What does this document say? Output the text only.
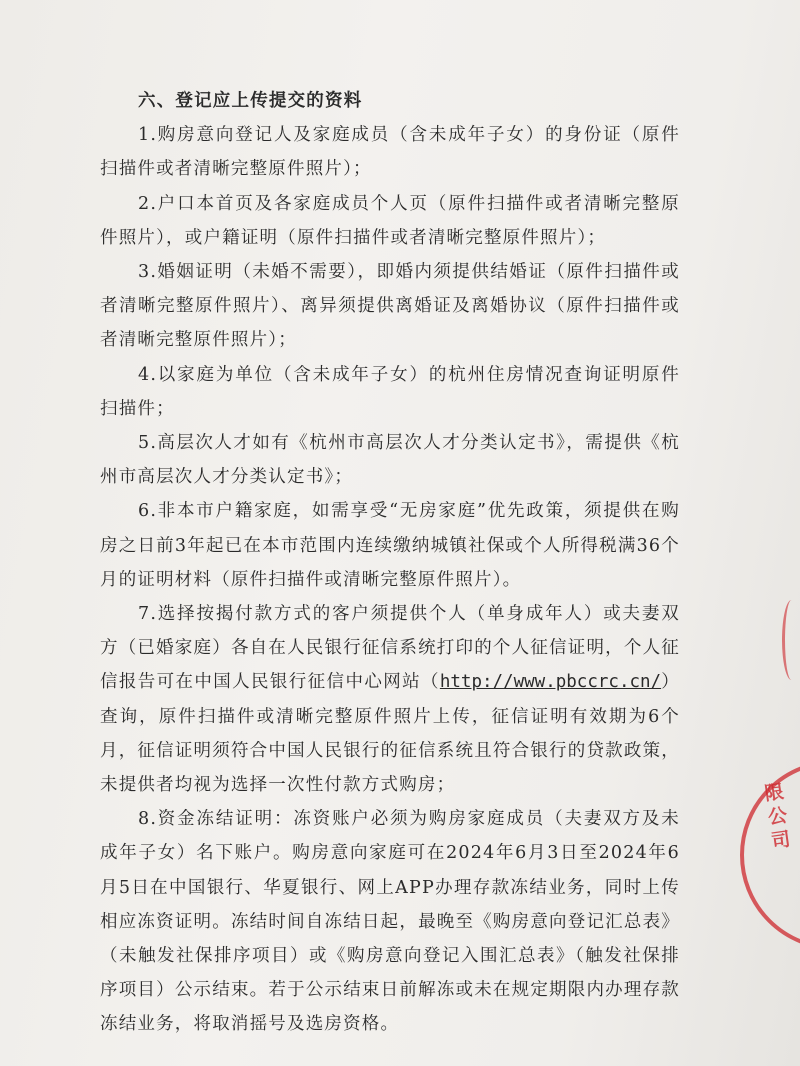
六、登记应上传提交的资料

1.购房意向登记人及家庭成员（含未成年子女）的身份证（原件扫描件或者清晰完整原件照片）；

2.户口本首页及各家庭成员个人页（原件扫描件或者清晰完整原件照片），或户籍证明（原件扫描件或者清晰完整原件照片）；

3.婚姻证明（未婚不需要），即婚内须提供结婚证（原件扫描件或者清晰完整原件照片）、离异须提供离婚证及离婚协议（原件扫描件或者清晰完整原件照片）；

4.以家庭为单位（含未成年子女）的杭州住房情况查询证明原件扫描件；

5.高层次人才如有《杭州市高层次人才分类认定书》，需提供《杭州市高层次人才分类认定书》；

6.非本市户籍家庭，如需享受“无房家庭”优先政策，须提供在购房之日前3年起已在本市范围内连续缴纳城镇社保或个人所得税满36个月的证明材料（原件扫描件或清晰完整原件照片）。

7.选择按揭付款方式的客户须提供个人（单身成年人）或夫妻双方（已婚家庭）各自在人民银行征信系统打印的个人征信证明，个人征信报告可在中国人民银行征信中心网站（http://www.pbccrc.cn/）查询，原件扫描件或清晰完整原件照片上传，征信证明有效期为6个月，征信证明须符合中国人民银行的征信系统且符合银行的贷款政策，未提供者均视为选择一次性付款方式购房；

8.资金冻结证明：冻资账户必须为购房家庭成员（夫妻双方及未成年子女）名下账户。购房意向家庭可在2024年6月3日至2024年6月5日在中国银行、华夏银行、网上APP办理存款冻结业务，同时上传相应冻资证明。冻结时间自冻结日起，最晚至《购房意向登记汇总表》（未触发社保排序项目）或《购房意向登记入围汇总表》（触发社保排序项目）公示结束。若于公示结束日前解冻或未在规定期限内办理存款冻结业务，将取消摇号及选房资格。

限公司
